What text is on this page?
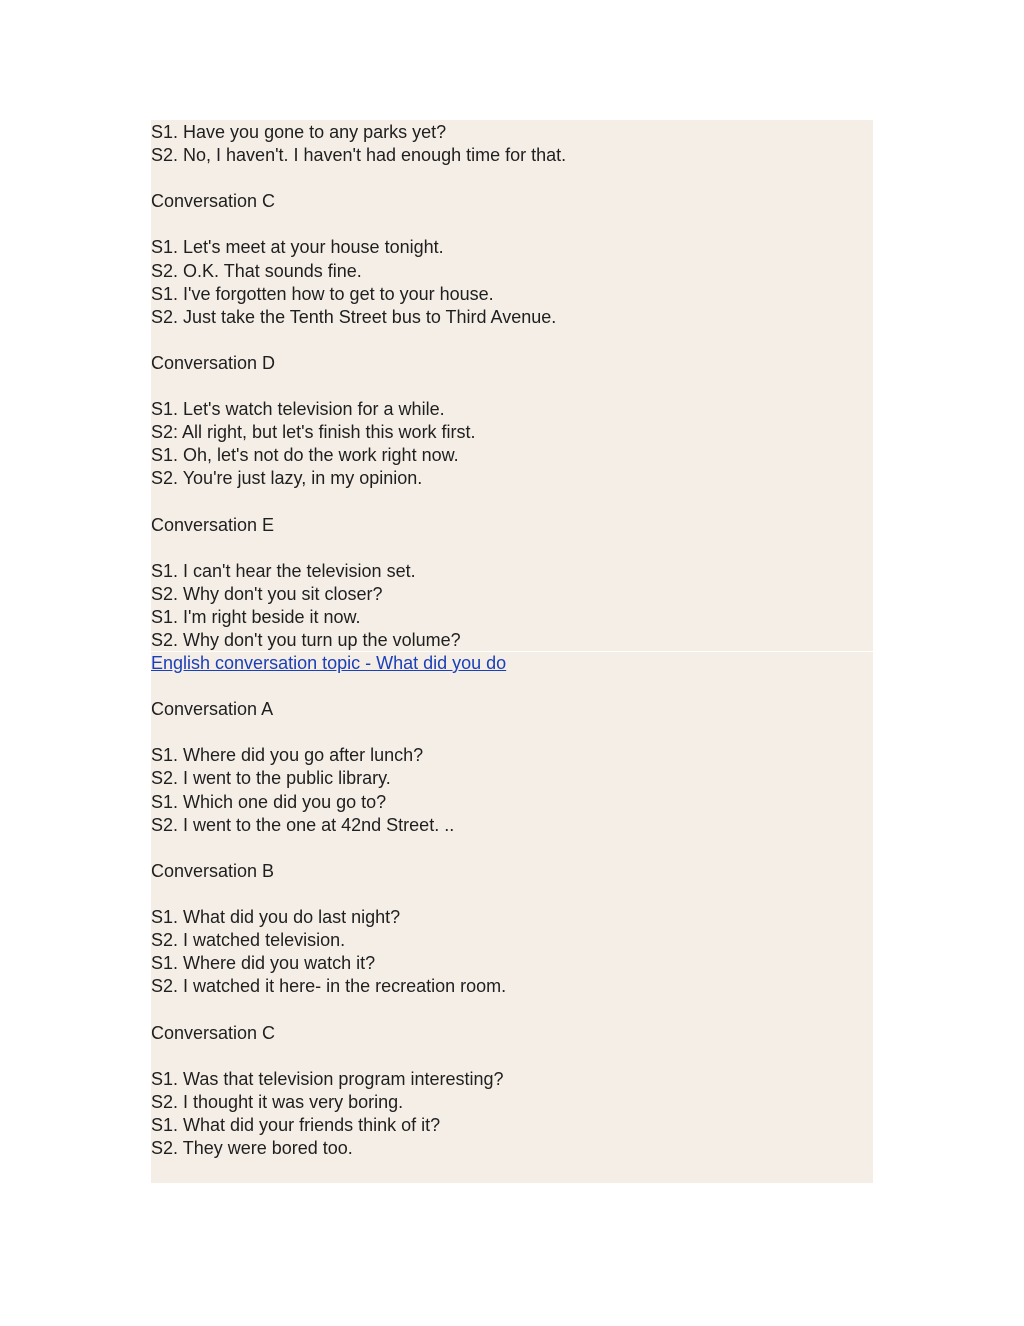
S1. Have you gone to any parks yet?

S2. No, I haven't. I haven't had enough time for that.

Conversation C

S1. Let's meet at your house tonight.

S2. O.K. That sounds fine.

S1. I've forgotten how to get to your house.

S2. Just take the Tenth Street bus to Third Avenue.

Conversation D

S1. Let's watch television for a while.

S2: All right, but let's finish this work first.

S1. Oh, let's not do the work right now.

S2. You're just lazy, in my opinion.

Conversation E

S1. I can't hear the television set.

S2. Why don't you sit closer?

S1. I'm right beside it now.

S2. Why don't you turn up the volume?

English conversation topic - What did you do

Conversation A

S1. Where did you go after lunch?

S2. I went to the public library.

S1. Which one did you go to?

S2. I went to the one at 42nd Street. ..

Conversation B

S1. What did you do last night?

S2. I watched television.

S1. Where did you watch it?

S2. I watched it here- in the recreation room.

Conversation C

S1. Was that television program interesting?

S2. I thought it was very boring.

S1. What did your friends think of it?

S2. They were bored too.
